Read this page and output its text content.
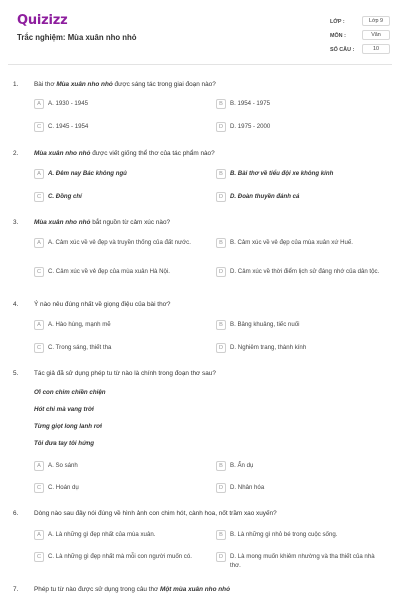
Quizizz
Trắc nghiệm: Mùa xuân nho nhỏ
LỚP :	Lớp 9
MÔN :	Văn
SỐ CÂU :	10
1. Bài thơ Mùa xuân nho nhỏ được sáng tác trong giai đoạn nào?
A	A. 1930 - 1945	B	B. 1954 - 1975
C	C. 1945 - 1954	D	D. 1975 - 2000
2. Mùa xuân nho nhỏ được viết giống thể thơ của tác phẩm nào?
A	A. Đêm nay Bác không ngủ	B	B. Bài thơ về tiểu đội xe không kính
C	C. Đồng chí	D	D. Đoàn thuyền đánh cá
3. Mùa xuân nho nhỏ bắt nguồn từ cảm xúc nào?
A	A. Cảm xúc về vẻ đẹp và truyền thống của đất nước.	B	B. Cảm xúc về vẻ đẹp của mùa xuân xứ Huế.
C	C. Cảm xúc về vẻ đẹp của mùa xuân Hà Nội.	D	D. Cảm xúc về thời điểm lịch sử đáng nhớ của dân tộc.
4. Ý nào nêu đúng nhất về giọng điệu của bài thơ?
A	A. Hào hùng, mạnh mẽ	B	B. Bâng khuâng, tiếc nuối
C	C. Trong sáng, thiết tha	D	D. Nghiêm trang, thành kính
5. Tác giả đã sử dụng phép tu từ nào là chính trong đoạn thơ sau?
Ơi con chim chiền chiện
Hót chi mà vang trời
Từng giọt long lanh rơi
Tôi đưa tay tôi hứng
A	A. So sánh	B	B. Ẩn dụ
C	C. Hoán dụ	D	D. Nhân hóa
6. Dòng nào sau đây nói đúng về hình ảnh con chim hót, cành hoa, nốt trầm xao xuyến?
A	A. Là những gì đẹp nhất của mùa xuân.	B	B. Là những gì nhỏ bé trong cuộc sống.
C	C. Là những gì đẹp nhất mà mỗi con người muốn có.	D	D. Là mong muốn khiêm nhường và tha thiết của nhà thơ.
7. Phép tu từ nào được sử dụng trong câu thơ Một mùa xuân nho nhỏ
